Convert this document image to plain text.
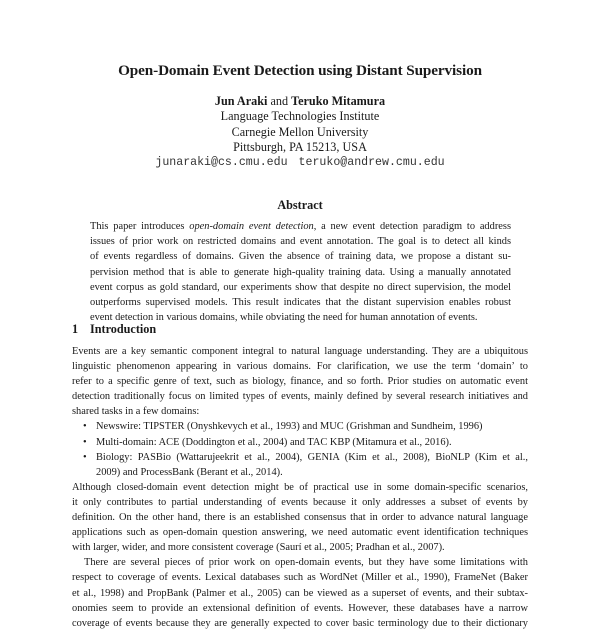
Open-Domain Event Detection using Distant Supervision
Jun Araki and Teruko Mitamura
Language Technologies Institute
Carnegie Mellon University
Pittsburgh, PA 15213, USA
junaraki@cs.cmu.edu teruko@andrew.cmu.edu
Abstract
This paper introduces open-domain event detection, a new event detection paradigm to address
issues of prior work on restricted domains and event annotation. The goal is to detect all kinds
of events regardless of domains. Given the absence of training data, we propose a distant su-
pervision method that is able to generate high-quality training data. Using a manually annotated
event corpus as gold standard, our experiments show that despite no direct supervision, the model
outperforms supervised models. This result indicates that the distant supervision enables robust
event detection in various domains, while obviating the need for human annotation of events.
1 Introduction
Events are a key semantic component integral to natural language understanding. They are a ubiquitous
linguistic phenomenon appearing in various domains. For clarification, we use the term ‘domain’ to
refer to a specific genre of text, such as biology, finance, and so forth. Prior studies on automatic event
detection traditionally focus on limited types of events, mainly defined by several research initiatives and
shared tasks in a few domains:
• Newswire: TIPSTER (Onyshkevych et al., 1993) and MUC (Grishman and Sundheim, 1996)
• Multi-domain: ACE (Doddington et al., 2004) and TAC KBP (Mitamura et al., 2016).
• Biology: PASBio (Wattarujeekrit et al., 2004), GENIA (Kim et al., 2008), BioNLP (Kim et al.,
2009) and ProcessBank (Berant et al., 2014).
Although closed-domain event detection might be of practical use in some domain-specific scenarios,
it only contributes to partial understanding of events because it only addresses a subset of events by
definition. On the other hand, there is an established consensus that in order to advance natural language
applications such as open-domain question answering, we need automatic event identification techniques
with larger, wider, and more consistent coverage (Saurí et al., 2005; Pradhan et al., 2007).
There are several pieces of prior work on open-domain events, but they have some limitations with
respect to coverage of events. Lexical databases such as WordNet (Miller et al., 1990), FrameNet (Baker
et al., 1998) and PropBank (Palmer et al., 2005) can be viewed as a superset of events, and their subtax-
onomies seem to provide an extensional definition of events. However, these databases have a narrow
coverage of events because they are generally expected to cover basic terminology due to their dictionary
